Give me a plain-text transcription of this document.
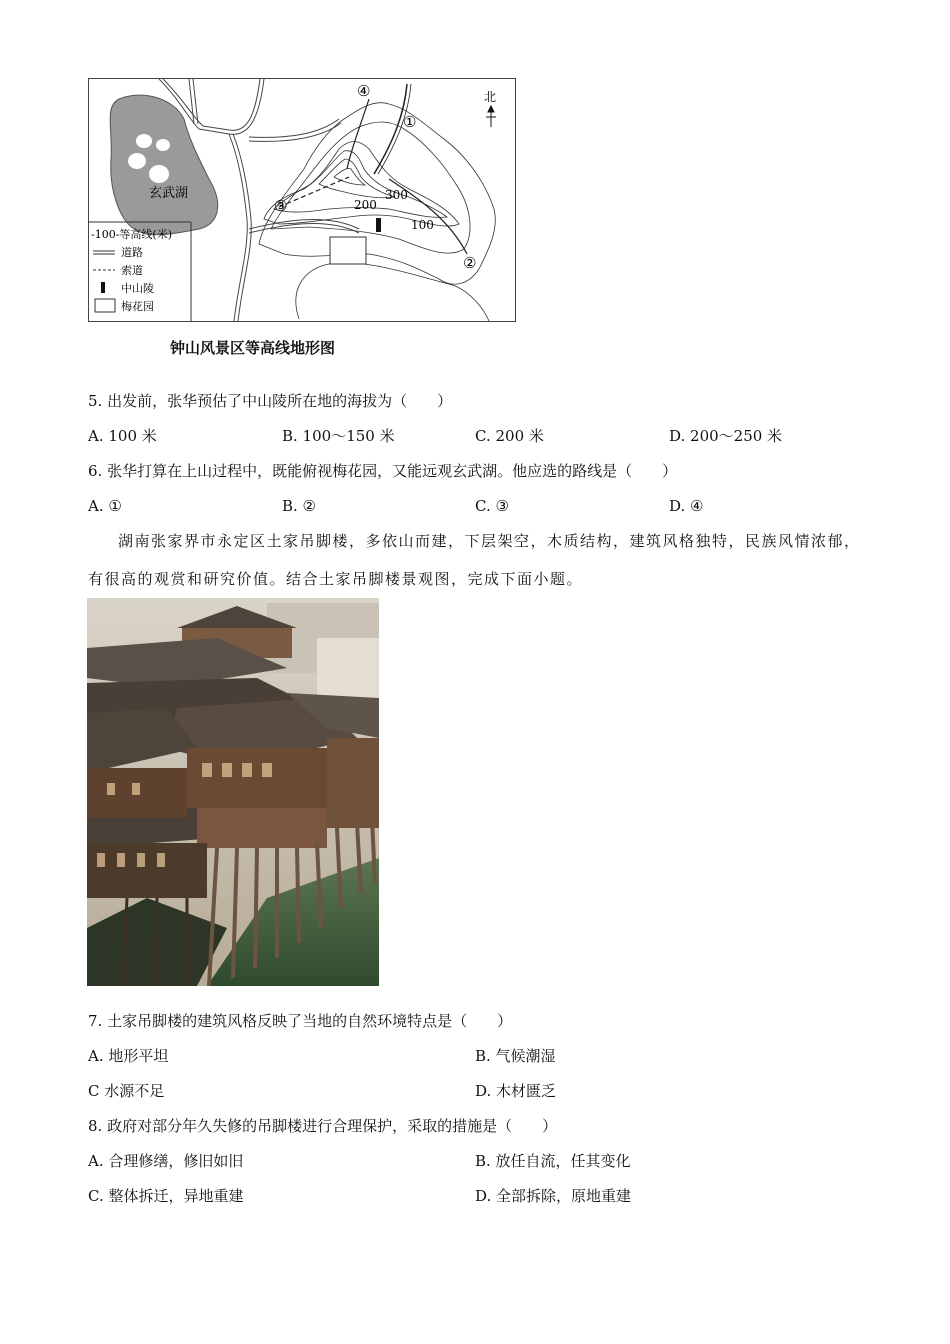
玄武湖	300
200
100
④
①
③
②
北
-100-等高线(米)
道路
索道
中山陵
梅花园
钟山风景区等高线地形图
5. 出发前，张华预估了中山陵所在地的海拔为（　　）
A. 100 米	B. 100～150 米	C. 200 米	D. 200～250 米
6. 张华打算在上山过程中，既能俯视梅花园，又能远观玄武湖。他应选的路线是（　　）
A. ①	B. ②	C. ③	D. ④
湖南张家界市永定区土家吊脚楼，多依山而建，下层架空，木质结构，建筑风格独特，民族风情浓郁，
有很高的观赏和研究价值。结合土家吊脚楼景观图，完成下面小题。
7. 土家吊脚楼的建筑风格反映了当地的自然环境特点是（　　）
A. 地形平坦	B. 气候潮湿
C 水源不足	D. 木材匮乏
8. 政府对部分年久失修的吊脚楼进行合理保护，采取的措施是（　　）
A. 合理修缮，修旧如旧	B. 放任自流，任其变化
C. 整体拆迁，异地重建	D. 全部拆除，原地重建
